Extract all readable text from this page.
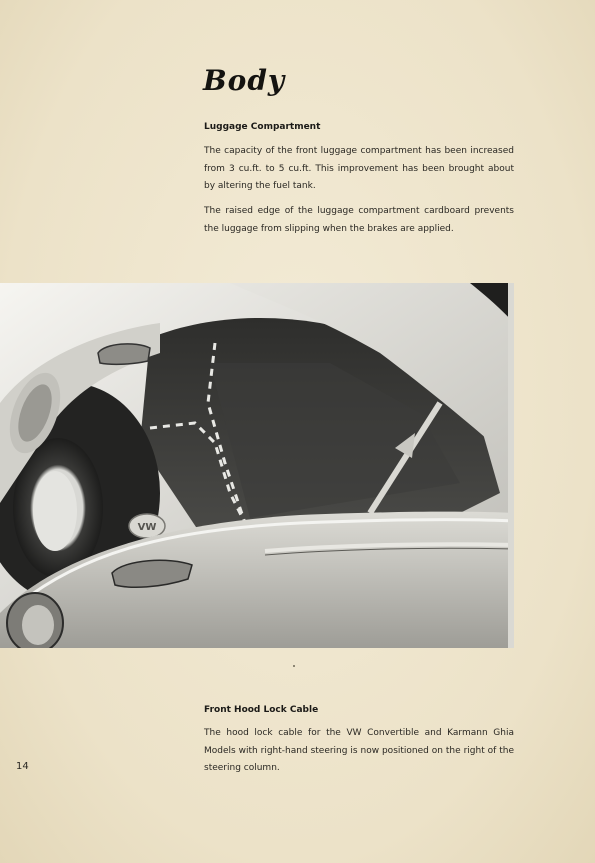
Body
Luggage Compartment

The capacity of the front luggage compartment has been increased from 3 cu.ft. to 5 cu.ft. This improvement has been brought about by altering the fuel tank.

The raised edge of the luggage compartment cardboard prevents the luggage from slipping when the brakes are applied.

VW
Front Hood Lock Cable

The hood lock cable for the VW Convertible and Karmann Ghia Models with right-hand steering is now positioned on the right of the steering column.

14
